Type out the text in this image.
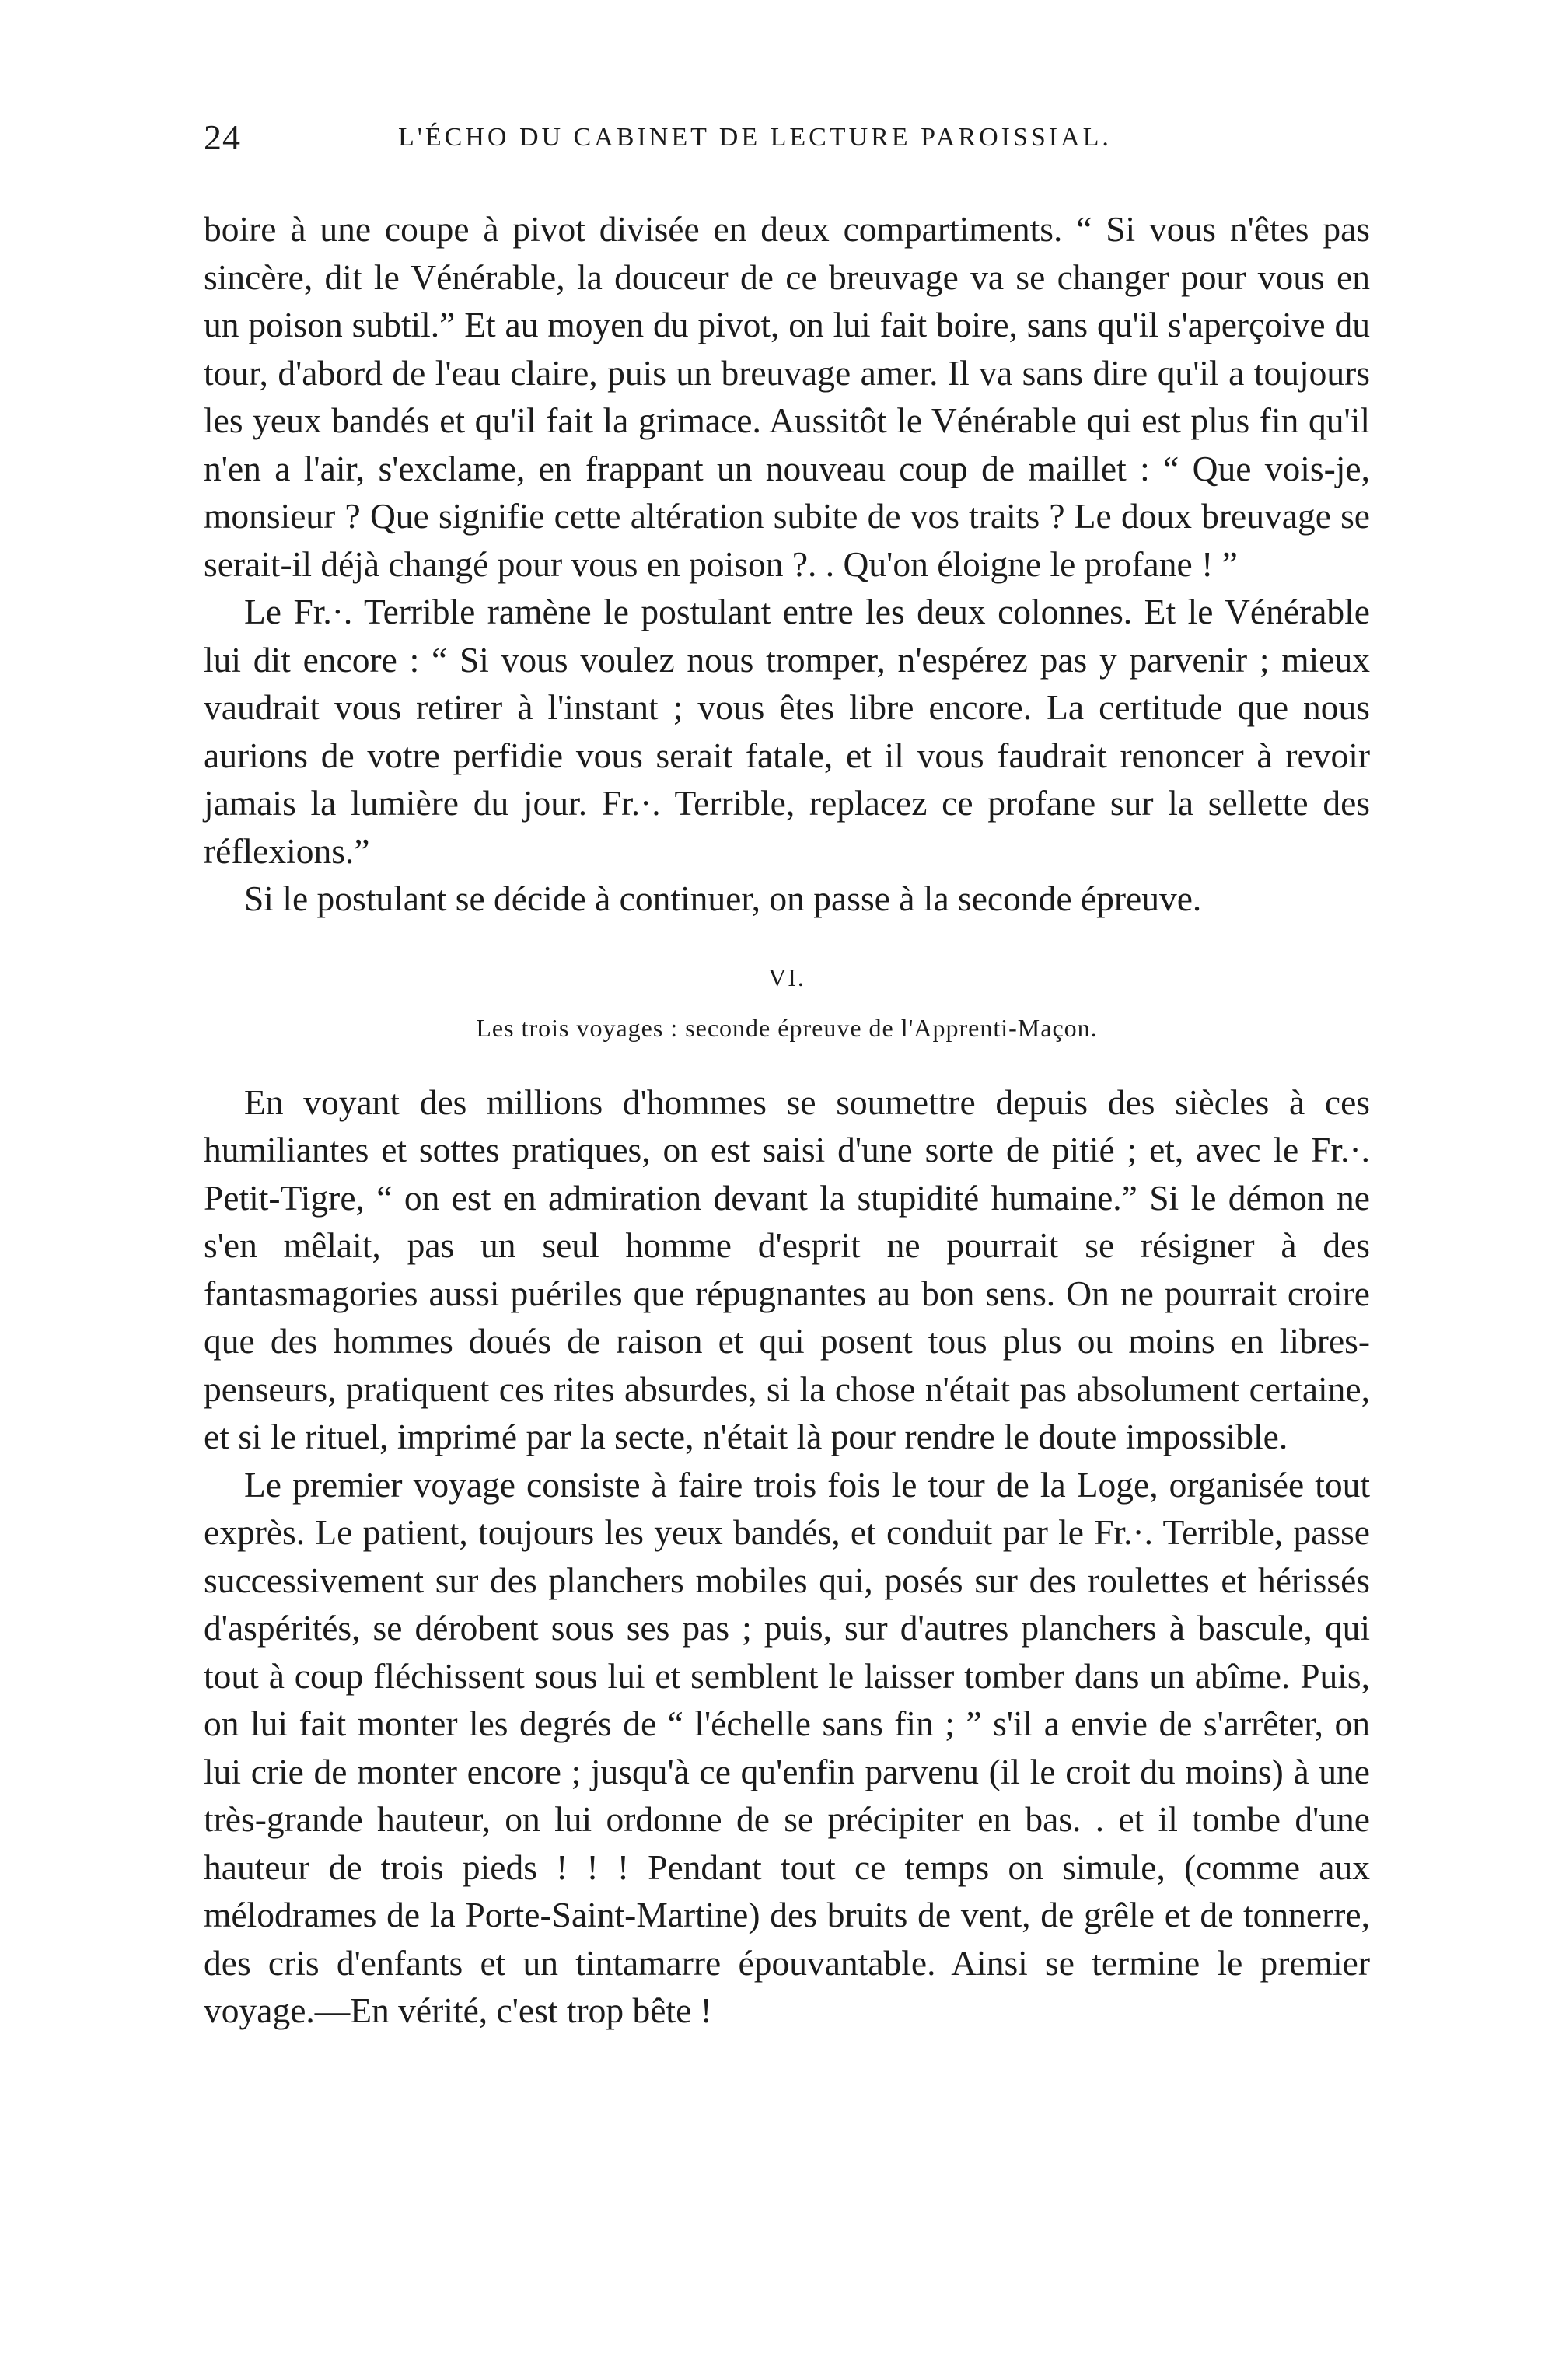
24	L'ÉCHO DU CABINET DE LECTURE PAROISSIAL.

boire à une coupe à pivot divisée en deux compartiments. “ Si vous n'êtes pas sincère, dit le Vénérable, la douceur de ce breuvage va se changer pour vous en un poison subtil.” Et au moyen du pivot, on lui fait boire, sans qu'il s'aperçoive du tour, d'abord de l'eau claire, puis un breuvage amer. Il va sans dire qu'il a toujours les yeux bandés et qu'il fait la grimace. Aussitôt le Vénérable qui est plus fin qu'il n'en a l'air, s'exclame, en frappant un nouveau coup de maillet : “ Que vois-je, monsieur ? Que signifie cette altération subite de vos traits ? Le doux breuvage se serait-il déjà changé pour vous en poison ?. . Qu'on éloigne le profane ! ”

Le Fr.·. Terrible ramène le postulant entre les deux colonnes. Et le Vénérable lui dit encore : “ Si vous voulez nous tromper, n'espérez pas y parvenir ; mieux vaudrait vous retirer à l'instant ; vous êtes libre encore. La certitude que nous aurions de votre perfidie vous serait fatale, et il vous faudrait renoncer à revoir jamais la lumière du jour. Fr.·. Terrible, replacez ce profane sur la sellette des réflexions.”

Si le postulant se décide à continuer, on passe à la seconde épreuve.

VI.
Les trois voyages : seconde épreuve de l'Apprenti-Maçon.

En voyant des millions d'hommes se soumettre depuis des siècles à ces humiliantes et sottes pratiques, on est saisi d'une sorte de pitié ; et, avec le Fr.·. Petit-Tigre, “ on est en admiration devant la stupidité humaine.” Si le démon ne s'en mêlait, pas un seul homme d'esprit ne pourrait se résigner à des fantasmagories aussi puériles que répugnantes au bon sens. On ne pourrait croire que des hommes doués de raison et qui posent tous plus ou moins en libres-penseurs, pratiquent ces rites absurdes, si la chose n'était pas absolument certaine, et si le rituel, imprimé par la secte, n'était là pour rendre le doute impossible.

Le premier voyage consiste à faire trois fois le tour de la Loge, organisée tout exprès. Le patient, toujours les yeux bandés, et conduit par le Fr.·. Terrible, passe successivement sur des planchers mobiles qui, posés sur des roulettes et hérissés d'aspérités, se dérobent sous ses pas ; puis, sur d'autres planchers à bascule, qui tout à coup fléchissent sous lui et semblent le laisser tomber dans un abîme. Puis, on lui fait monter les degrés de “ l'échelle sans fin ; ” s'il a envie de s'arrêter, on lui crie de monter encore ; jusqu'à ce qu'enfin parvenu (il le croit du moins) à une très-grande hauteur, on lui ordonne de se précipiter en bas. . et il tombe d'une hauteur de trois pieds ! ! ! Pendant tout ce temps on simule, (comme aux mélodrames de la Porte-Saint-Martine) des bruits de vent, de grêle et de tonnerre, des cris d'enfants et un tintamarre épouvantable. Ainsi se termine le premier voyage.—En vérité, c'est trop bête !
